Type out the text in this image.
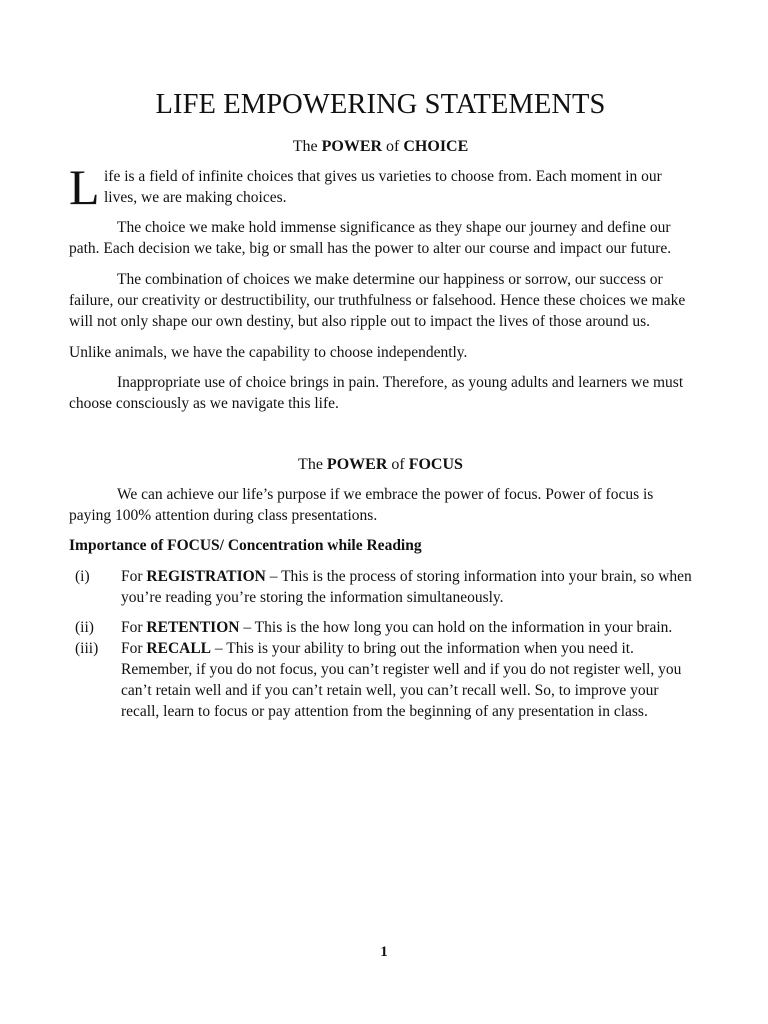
LIFE EMPOWERING STATEMENTS
The POWER of CHOICE

L ife is a field of infinite choices that gives us varieties to choose from. Each moment in our lives, we are making choices.

The choice we make hold immense significance as they shape our journey and define our path. Each decision we take, big or small has the power to alter our course and impact our future.

The combination of choices we make determine our happiness or sorrow, our success or failure, our creativity or destructibility, our truthfulness or falsehood. Hence these choices we make will not only shape our own destiny, but also ripple out to impact the lives of those around us.

Unlike animals, we have the capability to choose independently.

Inappropriate use of choice brings in pain. Therefore, as young adults and learners we must choose consciously as we navigate this life.

The POWER of FOCUS

We can achieve our life’s purpose if we embrace the power of focus. Power of focus is paying 100% attention during class presentations.

Importance of FOCUS/ Concentration while Reading

(i)	For REGISTRATION – This is the process of storing information into your brain, so when you’re reading you’re storing the information simultaneously.
(ii)	For RETENTION – This is the how long you can hold on the information in your brain.
(iii)	For RECALL – This is your ability to bring out the information when you need it. Remember, if you do not focus, you can’t register well and if you do not register well, you can’t retain well and if you can’t retain well, you can’t recall well. So, to improve your recall, learn to focus or pay attention from the beginning of any presentation in class.
1
